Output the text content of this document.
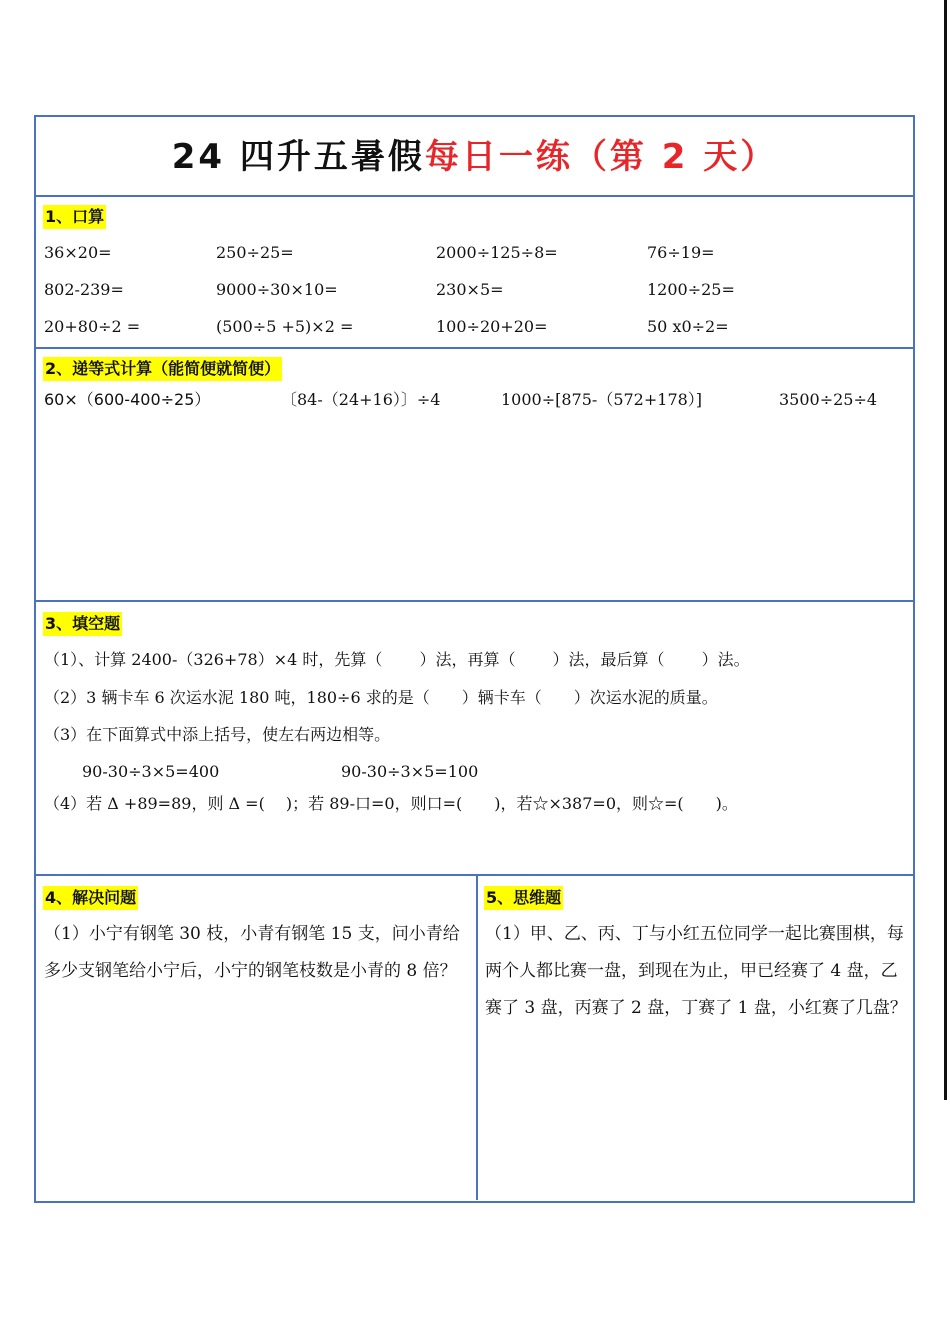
24 四升五暑假每日一练（第 2 天）
1、口算
36×20=	250÷25=	2000÷125÷8=	76÷19=
802-239=	9000÷30×10=	230×5=	1200÷25=
20+80÷2 =	(500÷5 +5)×2 =	100÷20+20=	50 x0÷2=
2、递等式计算（能简便就简便）
60×（600-400÷25）	〔84-（24+16）〕÷4	1000÷[875-（572+178）]	3500÷25÷4
3、填空题
（1）、计算 2400-（326+78）×4 时，先算（　　 ）法，再算（　　 ）法，最后算（　　 ）法。
（2）3 辆卡车 6 次运水泥 180 吨，180÷6 求的是（　　）辆卡车（　　）次运水泥的质量。
（3）在下面算式中添上括号，使左右两边相等。
90-30÷3×5=400	90-30÷3×5=100
（4）若 Δ +89=89，则 Δ =(　 )；若 89-口=0，则口=(　　)，若☆×387=0，则☆=(　　)。
4、解决问题
（1）小宁有钢笔 30 枝，小青有钢笔 15 支，问小青给多少支钢笔给小宁后，小宁的钢笔枝数是小青的 8 倍？
5、思维题
（1）甲、乙、丙、丁与小红五位同学一起比赛围棋，每两个人都比赛一盘，到现在为止，甲已经赛了 4 盘，乙赛了 3 盘，丙赛了 2 盘，丁赛了 1 盘，小红赛了几盘？
